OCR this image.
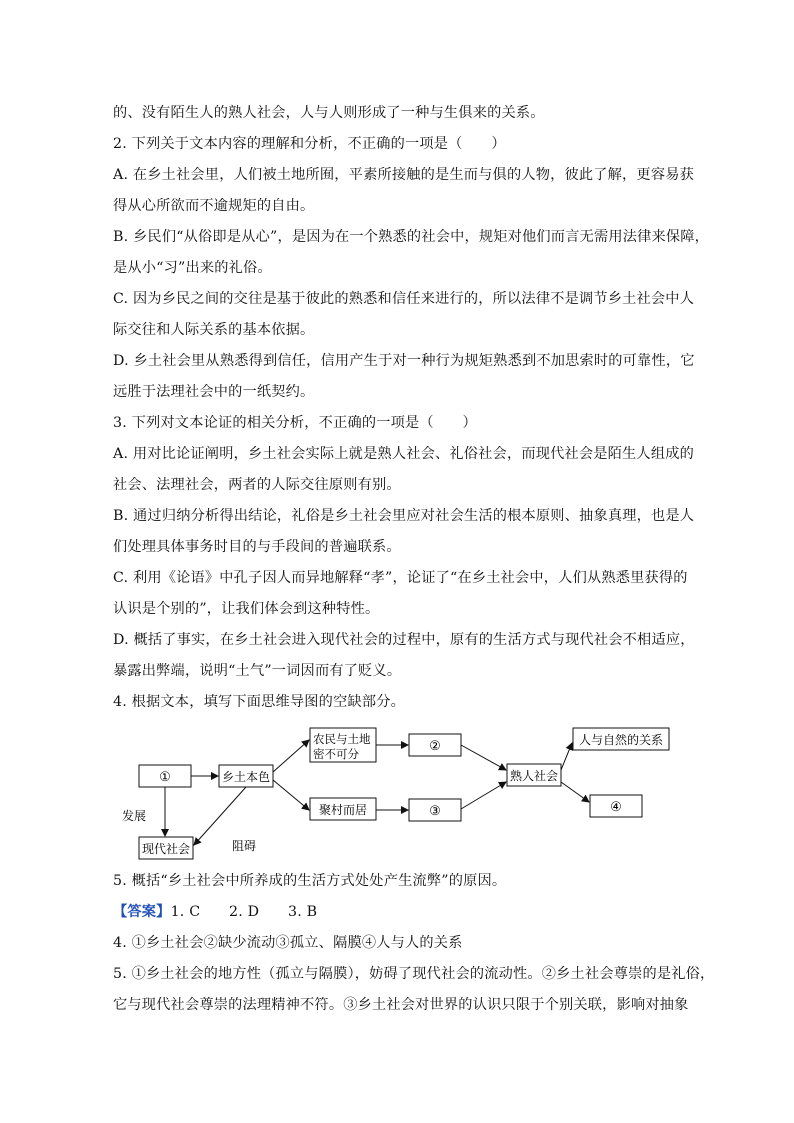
的、没有陌生人的熟人社会，人与人则形成了一种与生俱来的关系。
2. 下列关于文本内容的理解和分析，不正确的一项是（　　）
A. 在乡土社会里，人们被土地所囿，平素所接触的是生而与俱的人物，彼此了解，更容易获
得从心所欲而不逾规矩的自由。
B. 乡民们“从俗即是从心”，是因为在一个熟悉的社会中，规矩对他们而言无需用法律来保障，
是从小“习”出来的礼俗。
C. 因为乡民之间的交往是基于彼此的熟悉和信任来进行的，所以法律不是调节乡土社会中人
际交往和人际关系的基本依据。
D. 乡土社会里从熟悉得到信任，信用产生于对一种行为规矩熟悉到不加思索时的可靠性，它
远胜于法理社会中的一纸契约。
3. 下列对文本论证的相关分析，不正确的一项是（　　）
A. 用对比论证阐明，乡土社会实际上就是熟人社会、礼俗社会，而现代社会是陌生人组成的
社会、法理社会，两者的人际交往原则有别。
B. 通过归纳分析得出结论，礼俗是乡土社会里应对社会生活的根本原则、抽象真理，也是人
们处理具体事务时目的与手段间的普遍联系。
C. 利用《论语》中孔子因人而异地解释“孝”，论证了“在乡土社会中，人们从熟悉里获得的
认识是个别的”，让我们体会到这种特性。
D. 概括了事实，在乡土社会进入现代社会的过程中，原有的生活方式与现代社会不相适应，
暴露出弊端，说明“土气”一词因而有了贬义。
4. 根据文本，填写下面思维导图的空缺部分。
①	乡土本色
农民与土地
密不可分
聚村而居
②
③
熟人社会
人与自然的关系
④
现代社会
发展
阻碍
5. 概括“乡土社会中所养成的生活方式处处产生流弊”的原因。
【答案】1. C　　2. D　　3. B
4. ①乡土社会②缺少流动③孤立、隔膜④人与人的关系
5. ①乡土社会的地方性（孤立与隔膜），妨碍了现代社会的流动性。②乡土社会尊崇的是礼俗，
它与现代社会尊崇的法理精神不符。③乡土社会对世界的认识只限于个别关联，影响对抽象
